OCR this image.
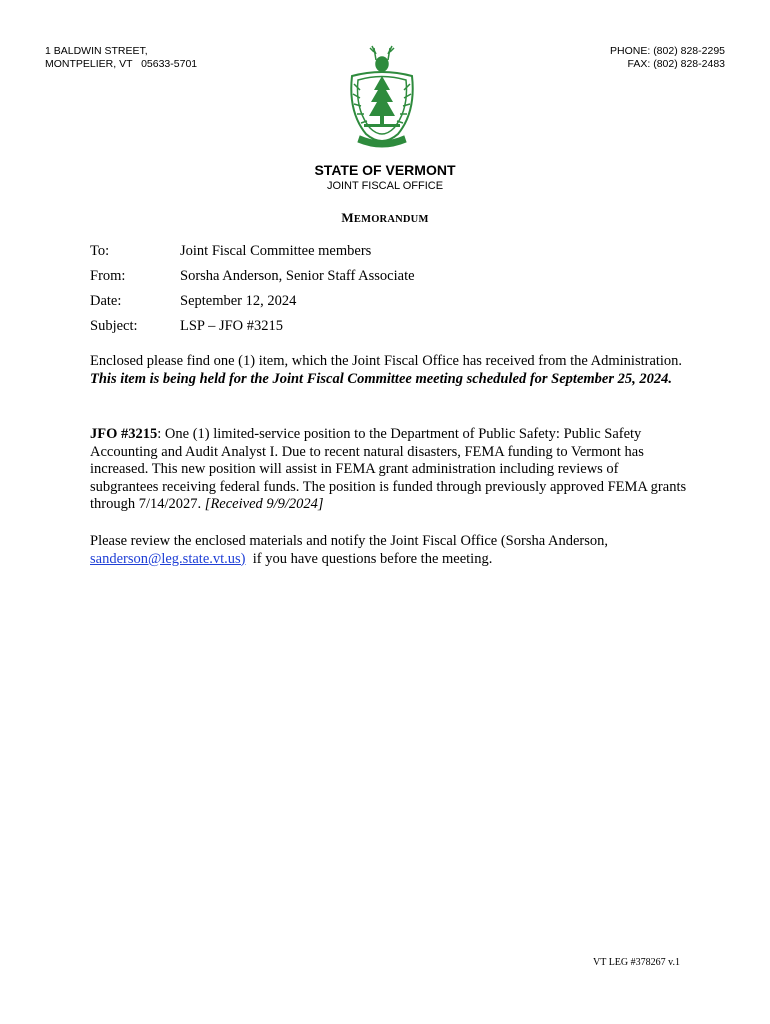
1 BALDWIN STREET,
MONTPELIER, VT   05633-5701
PHONE: (802) 828-2295
FAX: (802) 828-2483
STATE OF VERMONT
JOINT FISCAL OFFICE
MEMORANDUM
To:	Joint Fiscal Committee members
From:	Sorsha Anderson, Senior Staff Associate
Date:	September 12, 2024
Subject:	LSP – JFO #3215

Enclosed please find one (1) item, which the Joint Fiscal Office has received from the Administration. This item is being held for the Joint Fiscal Committee meeting scheduled for September 25, 2024.

JFO #3215: One (1) limited-service position to the Department of Public Safety: Public Safety Accounting and Audit Analyst I. Due to recent natural disasters, FEMA funding to Vermont has increased. This new position will assist in FEMA grant administration including reviews of subgrantees receiving federal funds. The position is funded through previously approved FEMA grants through 7/14/2027. [Received 9/9/2024]

Please review the enclosed materials and notify the Joint Fiscal Office (Sorsha Anderson,
sanderson@leg.state.vt.us)  if you have questions before the meeting.

VT LEG #378267 v.1
